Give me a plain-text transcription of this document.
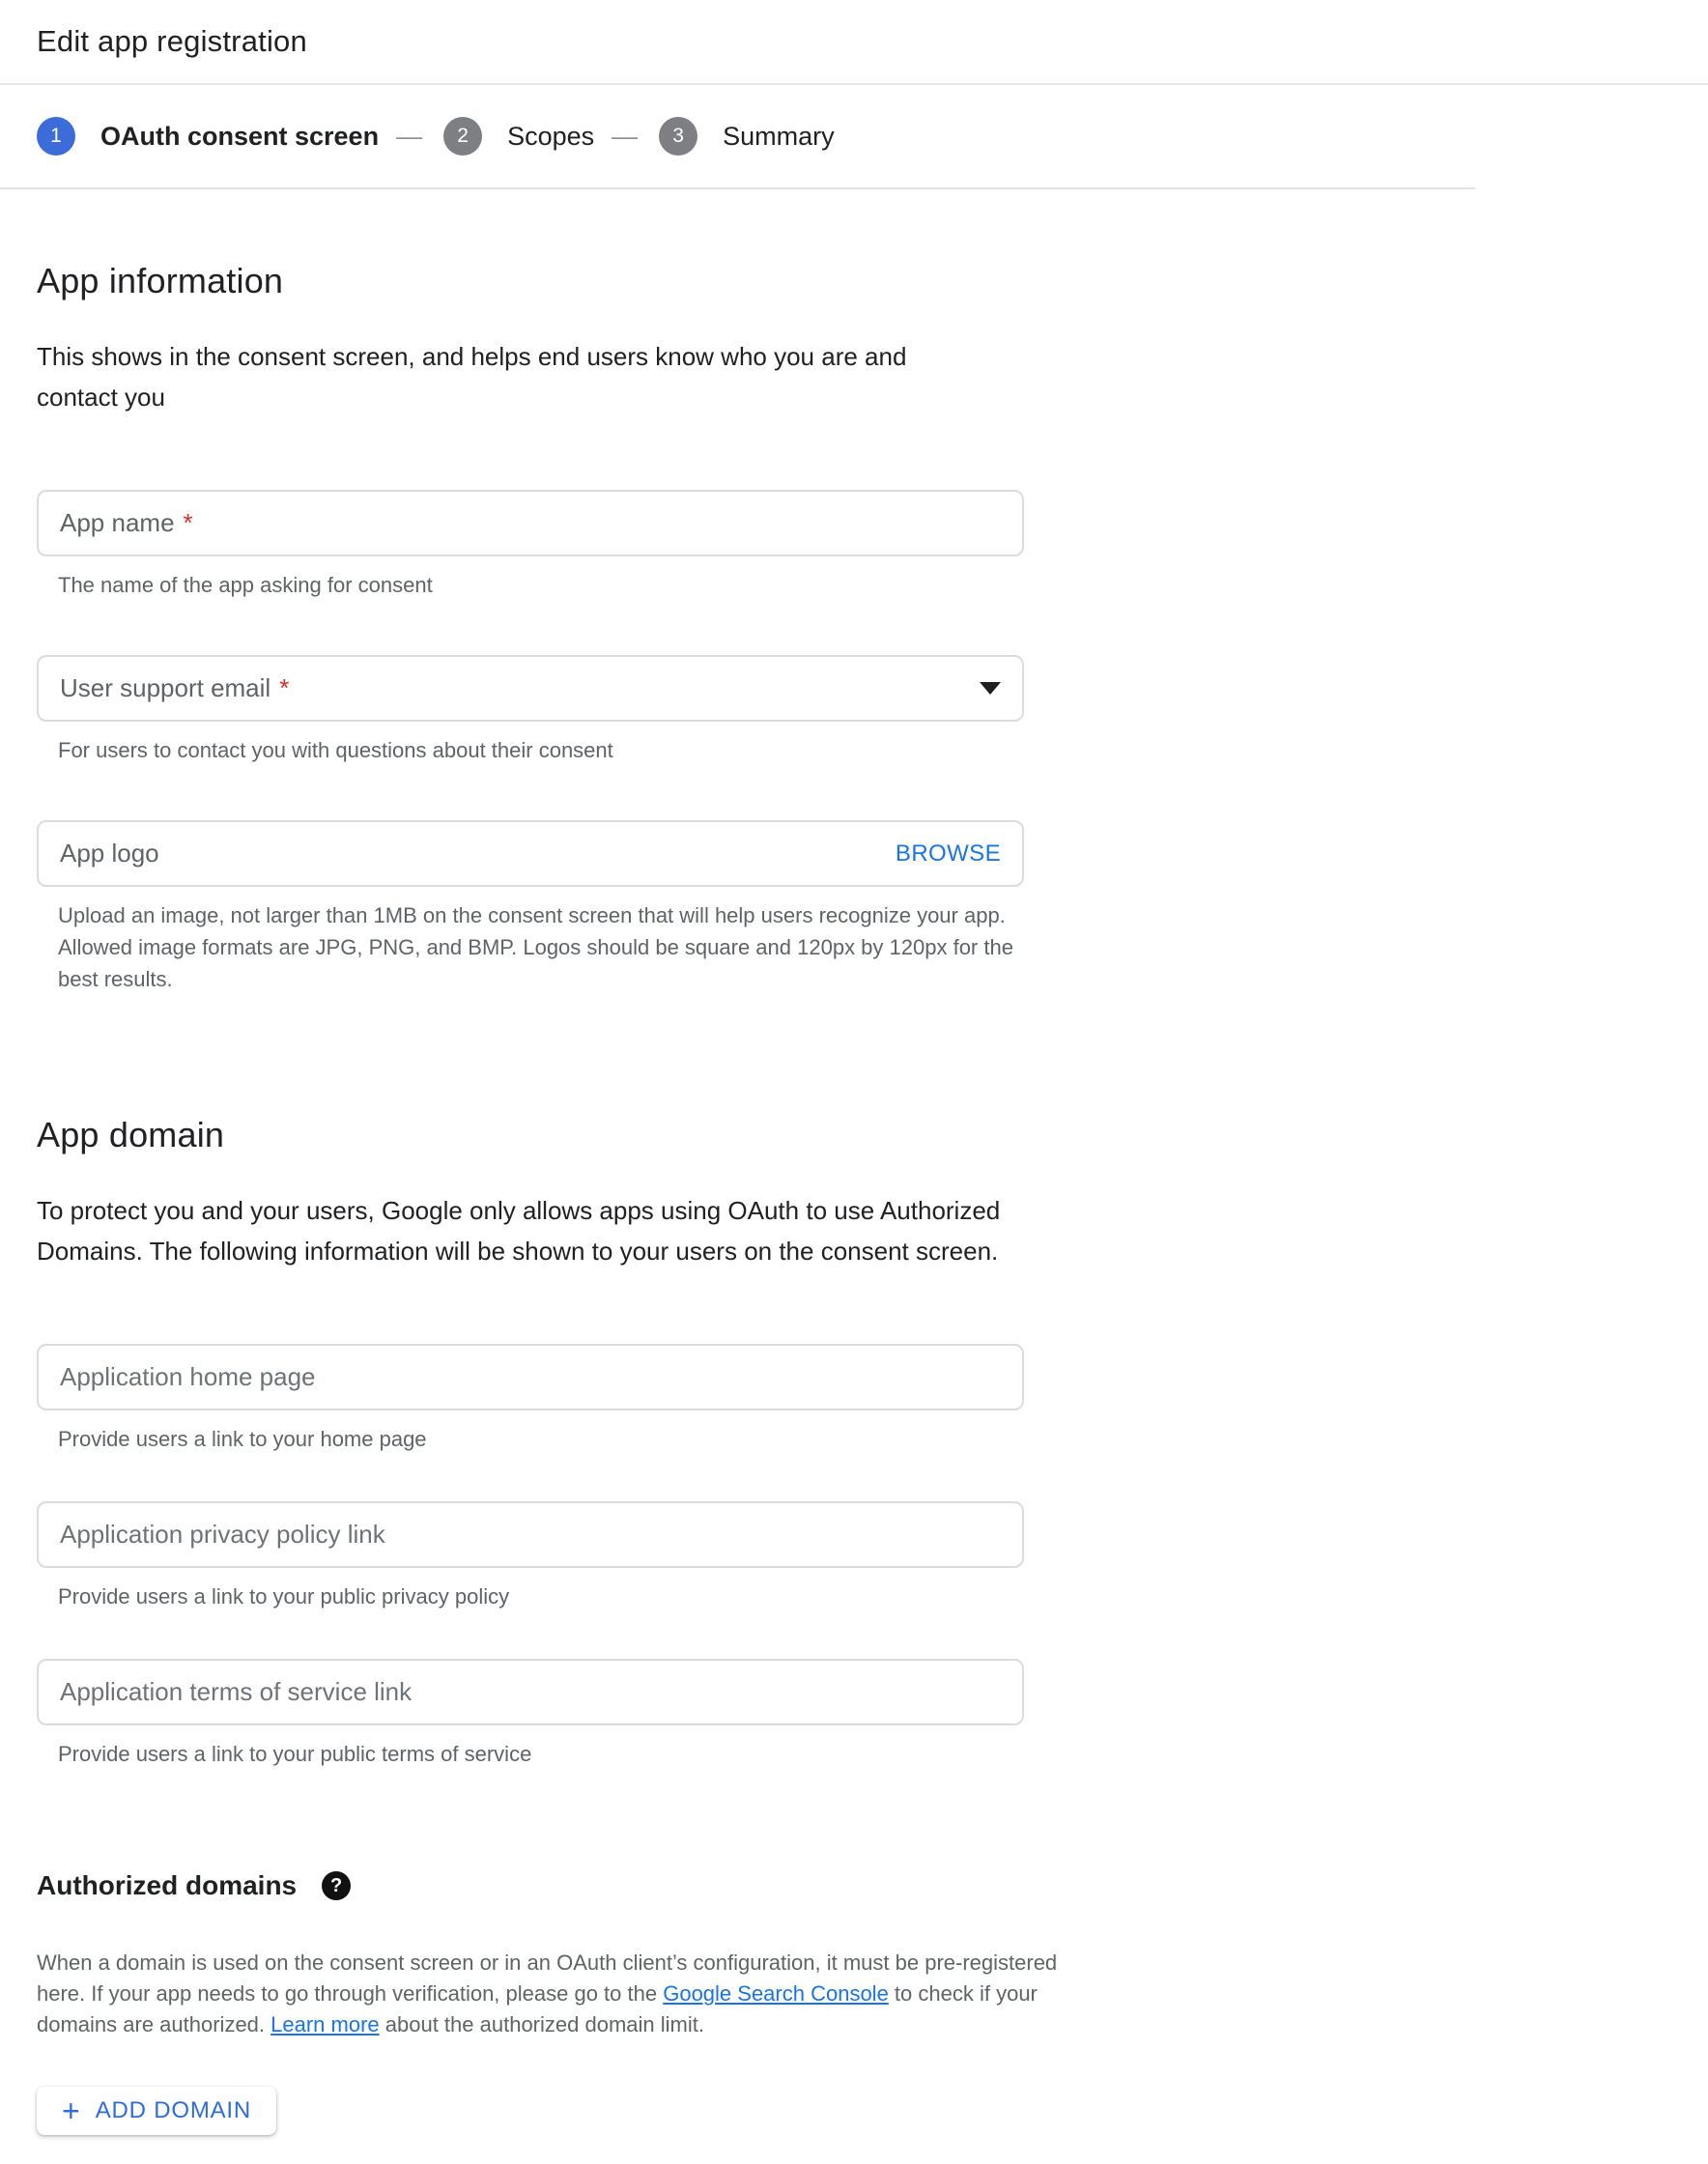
Edit app registration
1	OAuth consent screen —	2	Scopes —	3	Summary
App information

This shows in the consent screen, and helps end users know who you are and contact you

App name *
The name of the app asking for consent
User support email *
For users to contact you with questions about their consent
App logo	BROWSE
Upload an image, not larger than 1MB on the consent screen that will help users recognize your app. Allowed image formats are JPG, PNG, and BMP. Logos should be square and 120px by 120px for the best results.
App domain

To protect you and your users, Google only allows apps using OAuth to use Authorized Domains. The following information will be shown to your users on the consent screen.

Application home page
Provide users a link to your home page
Application privacy policy link
Provide users a link to your public privacy policy
Application terms of service link
Provide users a link to your public terms of service
Authorized domains	?

When a domain is used on the consent screen or in an OAuth client’s configuration, it must be pre-registered here. If your app needs to go through verification, please go to the Google Search Console to check if your domains are authorized. Learn more about the authorized domain limit.

+ ADD DOMAIN
